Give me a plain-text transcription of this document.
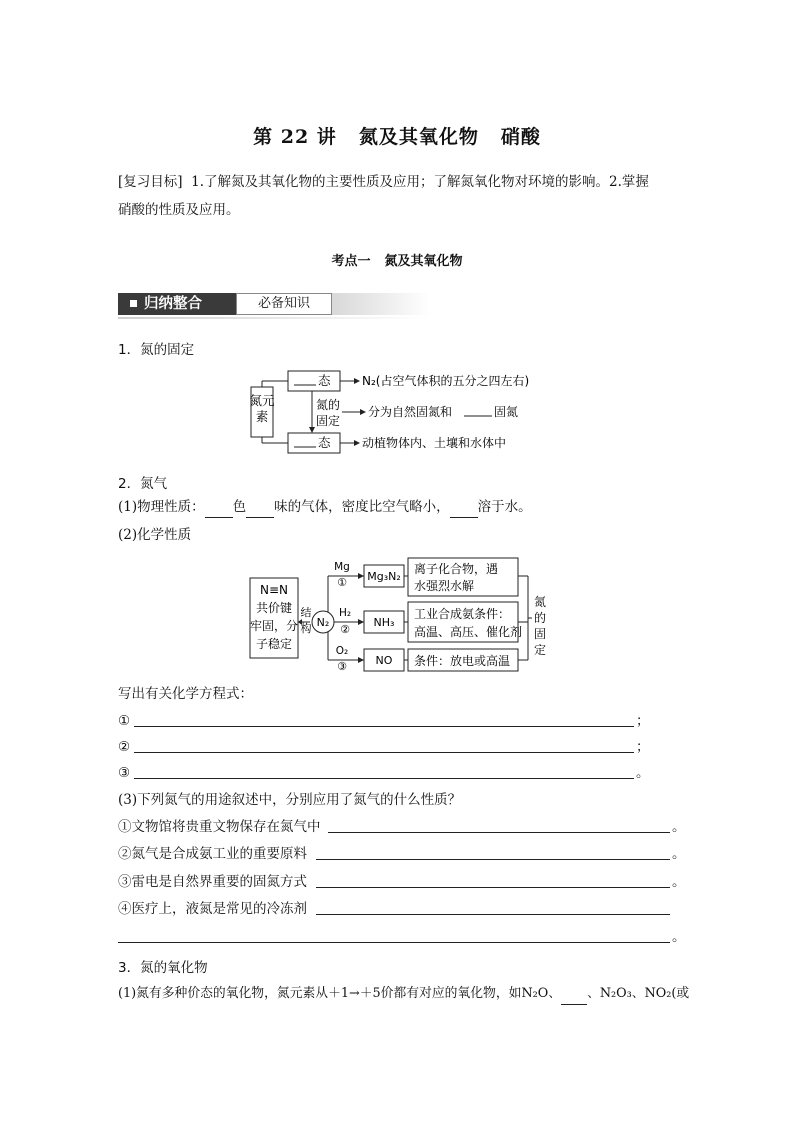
第 22 讲 氮及其氧化物 硝酸
[复习目标] 1.了解氮及其氧化物的主要性质及应用；了解氮氧化物对环境的影响。2.掌握
硝酸的性质及应用。
考点一 氮及其氧化物
归纳整合	必备知识
1．氮的固定
氮元
素
态
态
N₂(占空气体积的五分之四左右)
动植物体内、土壤和水体中
氮的
固定
分为自然固氮和	固氮
2．氮气
(1)物理性质： 色 味的气体，密度比空气略小， 溶于水。
(2)化学性质
N≡N
共价键
牢固，分
子稳定
结
构 N₂
Mg
①
H₂
②
O₂
③
Mg₃N₂
NH₃
NO
离子化合物，遇
水强烈水解
工业合成氨条件：
高温、高压、催化剂
条件：放电或高温
氮
的
固
定
写出有关化学方程式：
①	；
②	；
③	。
(3)下列氮气的用途叙述中，分别应用了氮气的什么性质？
①文物馆将贵重文物保存在氮气中	。
②氮气是合成氨工业的重要原料	。
③雷电是自然界重要的固氮方式	。
④医疗上，液氮是常见的冷冻剂
。
3．氮的氧化物
(1)氮有多种价态的氧化物，氮元素从＋1→＋5价都有对应的氧化物，如N₂O、 、N₂O₃、NO₂(或
